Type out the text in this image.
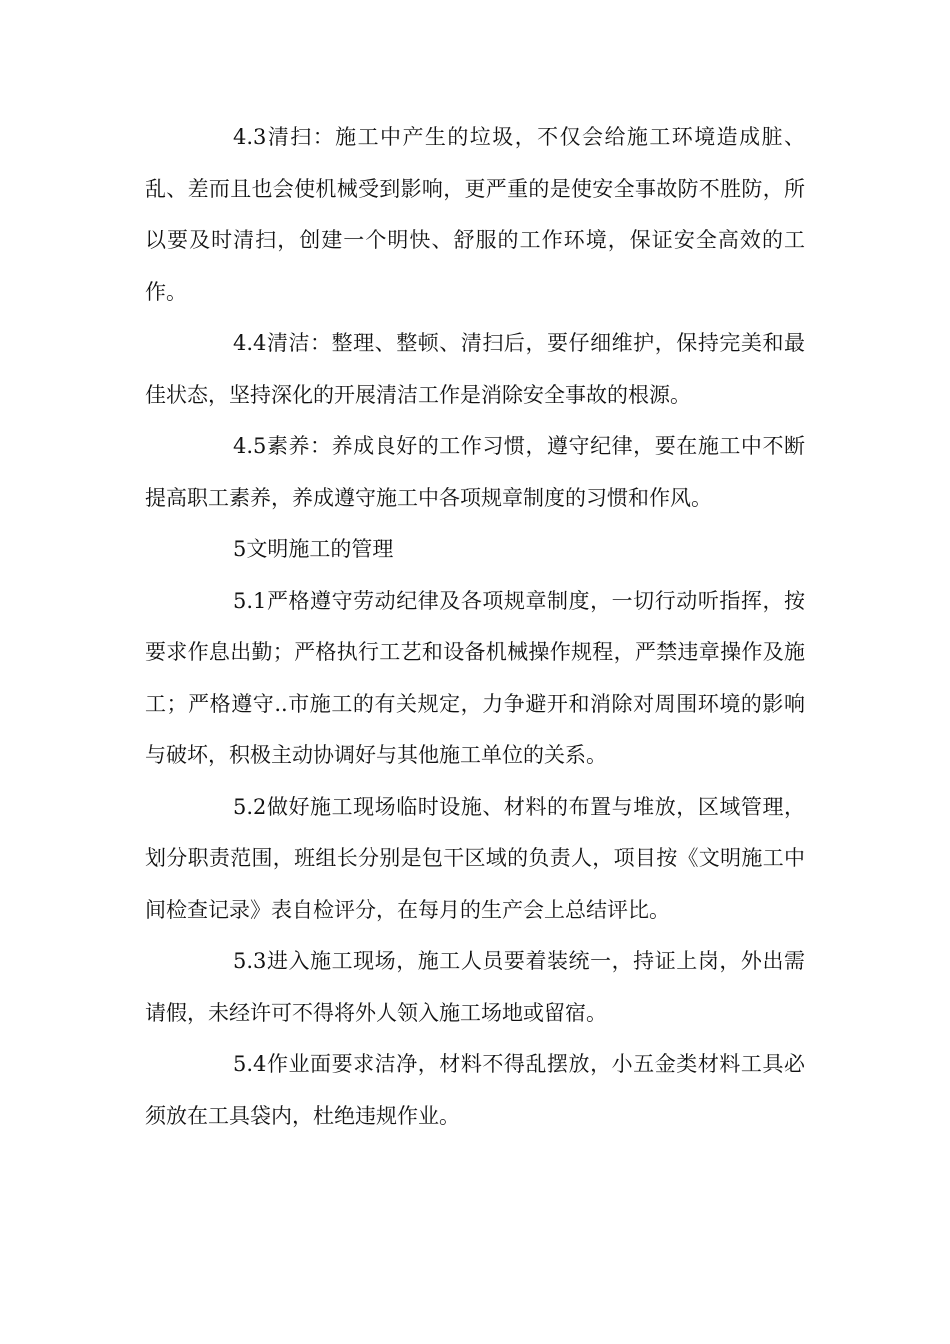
4.3清扫：施工中产生的垃圾，不仅会给施工环境造成脏、乱、差而且也会使机械受到影响，更严重的是使安全事故防不胜防，所以要及时清扫，创建一个明快、舒服的工作环境，保证安全高效的工作。

4.4清洁：整理、整顿、清扫后，要仔细维护，保持完美和最佳状态，坚持深化的开展清洁工作是消除安全事故的根源。

4.5素养：养成良好的工作习惯，遵守纪律，要在施工中不断提高职工素养，养成遵守施工中各项规章制度的习惯和作风。

5文明施工的管理

5.1严格遵守劳动纪律及各项规章制度，一切行动听指挥，按要求作息出勤；严格执行工艺和设备机械操作规程，严禁违章操作及施工；严格遵守..市施工的有关规定，力争避开和消除对周围环境的影响与破坏，积极主动协调好与其他施工单位的关系。

5.2做好施工现场临时设施、材料的布置与堆放，区域管理，划分职责范围，班组长分别是包干区域的负责人，项目按《文明施工中间检查记录》表自检评分，在每月的生产会上总结评比。

5.3进入施工现场，施工人员要着装统一，持证上岗，外出需请假，未经许可不得将外人领入施工场地或留宿。

5.4作业面要求洁净，材料不得乱摆放，小五金类材料工具必须放在工具袋内，杜绝违规作业。
